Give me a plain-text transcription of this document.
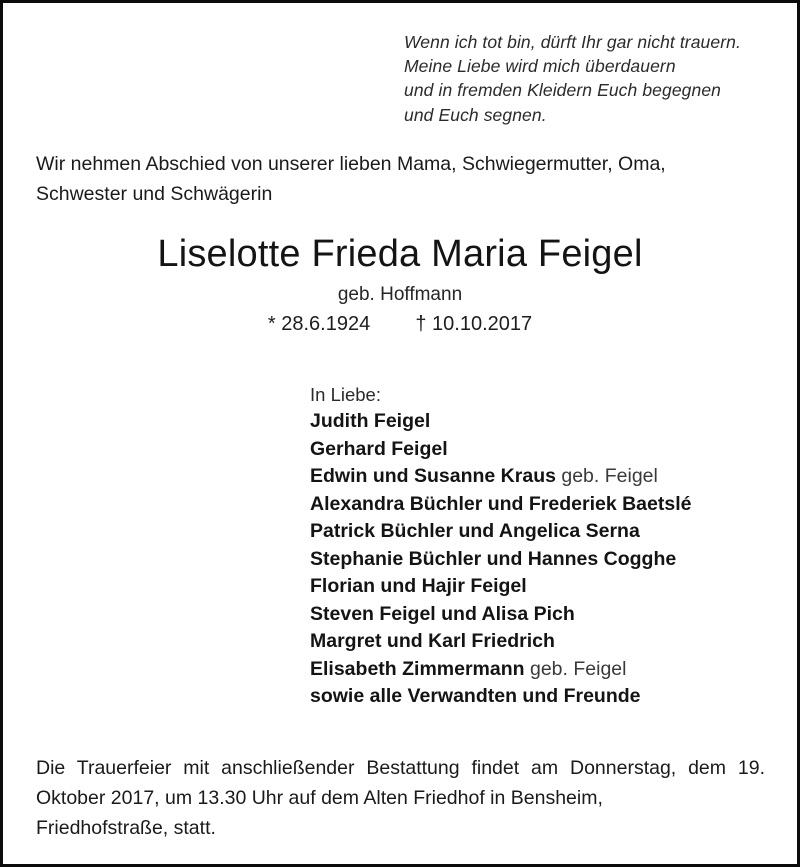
Wenn ich tot bin, dürft Ihr gar nicht trauern.
Meine Liebe wird mich überdauern
und in fremden Kleidern Euch begegnen
und Euch segnen.
Wir nehmen Abschied von unserer lieben Mama, Schwiegermutter, Oma,
Schwester und Schwägerin
Liselotte Frieda Maria Feigel
geb. Hoffmann
* 28.6.1924 † 10.10.2017
In Liebe:
Judith Feigel
Gerhard Feigel
Edwin und Susanne Kraus geb. Feigel
Alexandra Büchler und Frederiek Baetslé
Patrick Büchler und Angelica Serna
Stephanie Büchler und Hannes Cogghe
Florian und Hajir Feigel
Steven Feigel und Alisa Pich
Margret und Karl Friedrich
Elisabeth Zimmermann geb. Feigel
sowie alle Verwandten und Freunde
Die Trauerfeier mit anschließender Bestattung findet am Donnerstag, dem 19. Oktober 2017, um 13.30 Uhr auf dem Alten Friedhof in Bensheim,
Friedhofstraße, statt.
